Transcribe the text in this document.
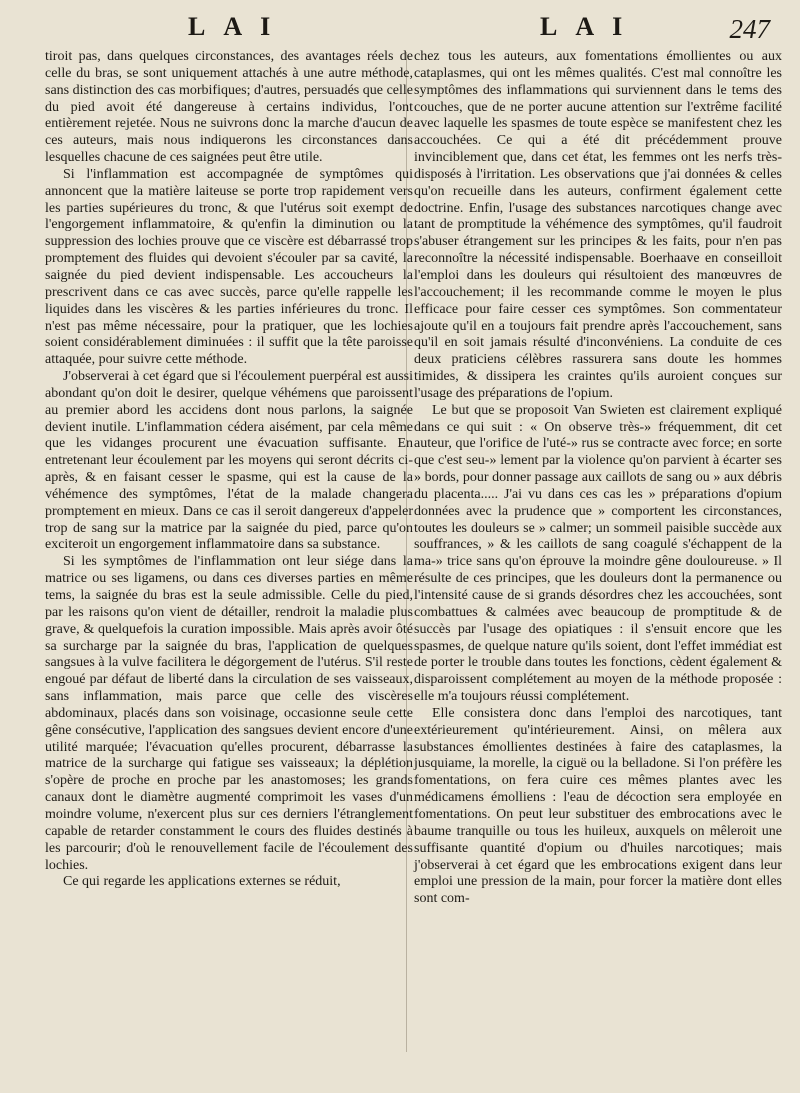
LAI	LAI	247

tiroit pas, dans quelques circonstances, des avantages réels de celle du bras, se sont uniquement attachés à une autre méthode, sans distinction des cas morbifiques; d'autres, persuadés que celle du pied avoit été dangereuse à certains individus, l'ont entièrement rejetée. Nous ne suivrons donc la marche d'aucun de ces auteurs, mais nous indiquerons les circonstances dans lesquelles chacune de ces saignées peut être utile.

Si l'inflammation est accompagnée de symptômes qui annoncent que la matière laiteuse se porte trop rapidement vers les parties supérieures du tronc, & que l'utérus soit exempt de l'engorgement inflammatoire, & qu'enfin la diminution ou la suppression des lochies prouve que ce viscère est débarrassé trop promptement des fluides qui devoient s'écouler par sa cavité, la saignée du pied devient indispensable. Les accoucheurs la prescrivent dans ce cas avec succès, parce qu'elle rappelle les liquides dans les viscères & les parties inférieures du tronc. Il n'est pas même nécessaire, pour la pratiquer, que les lochies soient considérablement diminuées : il suffit que la tête paroisse attaquée, pour suivre cette méthode.

J'observerai à cet égard que si l'écoulement puerpéral est aussi abondant qu'on doit le desirer, quelque véhémens que paroissent au premier abord les accidens dont nous parlons, la saignée devient inutile. L'inflammation cédera aisément, par cela même que les vidanges procurent une évacuation suffisante. En entretenant leur écoulement par les moyens qui seront décrits ci-après, & en faisant cesser le spasme, qui est la cause de la véhémence des symptômes, l'état de la malade changera promptement en mieux. Dans ce cas il seroit dangereux d'appeler trop de sang sur la matrice par la saignée du pied, parce qu'on exciteroit un engorgement inflammatoire dans sa substance.

Si les symptômes de l'inflammation ont leur siége dans la matrice ou ses ligamens, ou dans ces diverses parties en même tems, la saignée du bras est la seule admissible. Celle du pied, par les raisons qu'on vient de détailler, rendroit la maladie plus grave, & quelquefois la curation impossible. Mais après avoir ôté sa surcharge par la saignée du bras, l'application de quelques sangsues à la vulve facilitera le dégorgement de l'utérus. S'il reste engoué par défaut de liberté dans la circulation de ses vaisseaux, sans inflammation, mais parce que celle des viscères abdominaux, placés dans son voisinage, occasionne seule cette gêne consécutive, l'application des sangsues devient encore d'une utilité marquée; l'évacuation qu'elles procurent, débarrasse la matrice de la surcharge qui fatigue ses vaisseaux; la déplétion s'opère de proche en proche par les anastomoses; les grands canaux dont le diamètre augmenté comprimoit les vases d'un moindre volume, n'exercent plus sur ces derniers l'étranglement capable de retarder constamment le cours des fluides destinés à les parcourir; d'où le renouvellement facile de l'écoulement des lochies.

Ce qui regarde les applications externes se réduit,

chez tous les auteurs, aux fomentations émollientes ou aux cataplasmes, qui ont les mêmes qualités. C'est mal connoître les symptômes des inflammations qui surviennent dans le tems des couches, que de ne porter aucune attention sur l'extrême facilité avec laquelle les spasmes de toute espèce se manifestent chez les accouchées. Ce qui a été dit précédemment prouve invinciblement que, dans cet état, les femmes ont les nerfs très-disposés à l'irritation. Les observations que j'ai données & celles qu'on recueille dans les auteurs, confirment également cette doctrine. Enfin, l'usage des substances narcotiques change avec tant de promptitude la véhémence des symptômes, qu'il faudroit s'abuser étrangement sur les principes & les faits, pour n'en pas reconnoître la nécessité indispensable. Boerhaave en conseilloit l'emploi dans les douleurs qui résultoient des manœuvres de l'accouchement; il les recommande comme le moyen le plus efficace pour faire cesser ces symptômes. Son commentateur ajoute qu'il en a toujours fait prendre après l'accouchement, sans qu'il en soit jamais résulté d'inconvéniens. La conduite de ces deux praticiens célèbres rassurera sans doute les hommes timides, & dissipera les craintes qu'ils auroient conçues sur l'usage des préparations de l'opium.

Le but que se proposoit Van Swieten est clairement expliqué dans ce qui suit : « On observe très-» fréquemment, dit cet auteur, que l'orifice de l'uté-» rus se contracte avec force; en sorte que c'est seu-» lement par la violence qu'on parvient à écarter ses » bords, pour donner passage aux caillots de sang ou » aux débris du placenta..... J'ai vu dans ces cas les » préparations d'opium données avec la prudence que » comportent les circonstances, toutes les douleurs se » calmer; un sommeil paisible succède aux souffrances, » & les caillots de sang coagulé s'échappent de la ma-» trice sans qu'on éprouve la moindre gêne douloureuse. » Il résulte de ces principes, que les douleurs dont la permanence ou l'intensité cause de si grands désordres chez les accouchées, sont combattues & calmées avec beaucoup de promptitude & de succès par l'usage des opiatiques : il s'ensuit encore que les spasmes, de quelque nature qu'ils soient, dont l'effet immédiat est de porter le trouble dans toutes les fonctions, cèdent également & disparoissent complétement au moyen de la méthode proposée : elle m'a toujours réussi complétement.

Elle consistera donc dans l'emploi des narcotiques, tant extérieurement qu'intérieurement. Ainsi, on mêlera aux substances émollientes destinées à faire des cataplasmes, la jusquiame, la morelle, la ciguë ou la belladone. Si l'on préfère les fomentations, on fera cuire ces mêmes plantes avec les médicamens émolliens : l'eau de décoction sera employée en fomentations. On peut leur substituer des embrocations avec le baume tranquille ou tous les huileux, auxquels on mêleroit une suffisante quantité d'opium ou d'huiles narcotiques; mais j'observerai à cet égard que les embrocations exigent dans leur emploi une pression de la main, pour forcer la matière dont elles sont com-
